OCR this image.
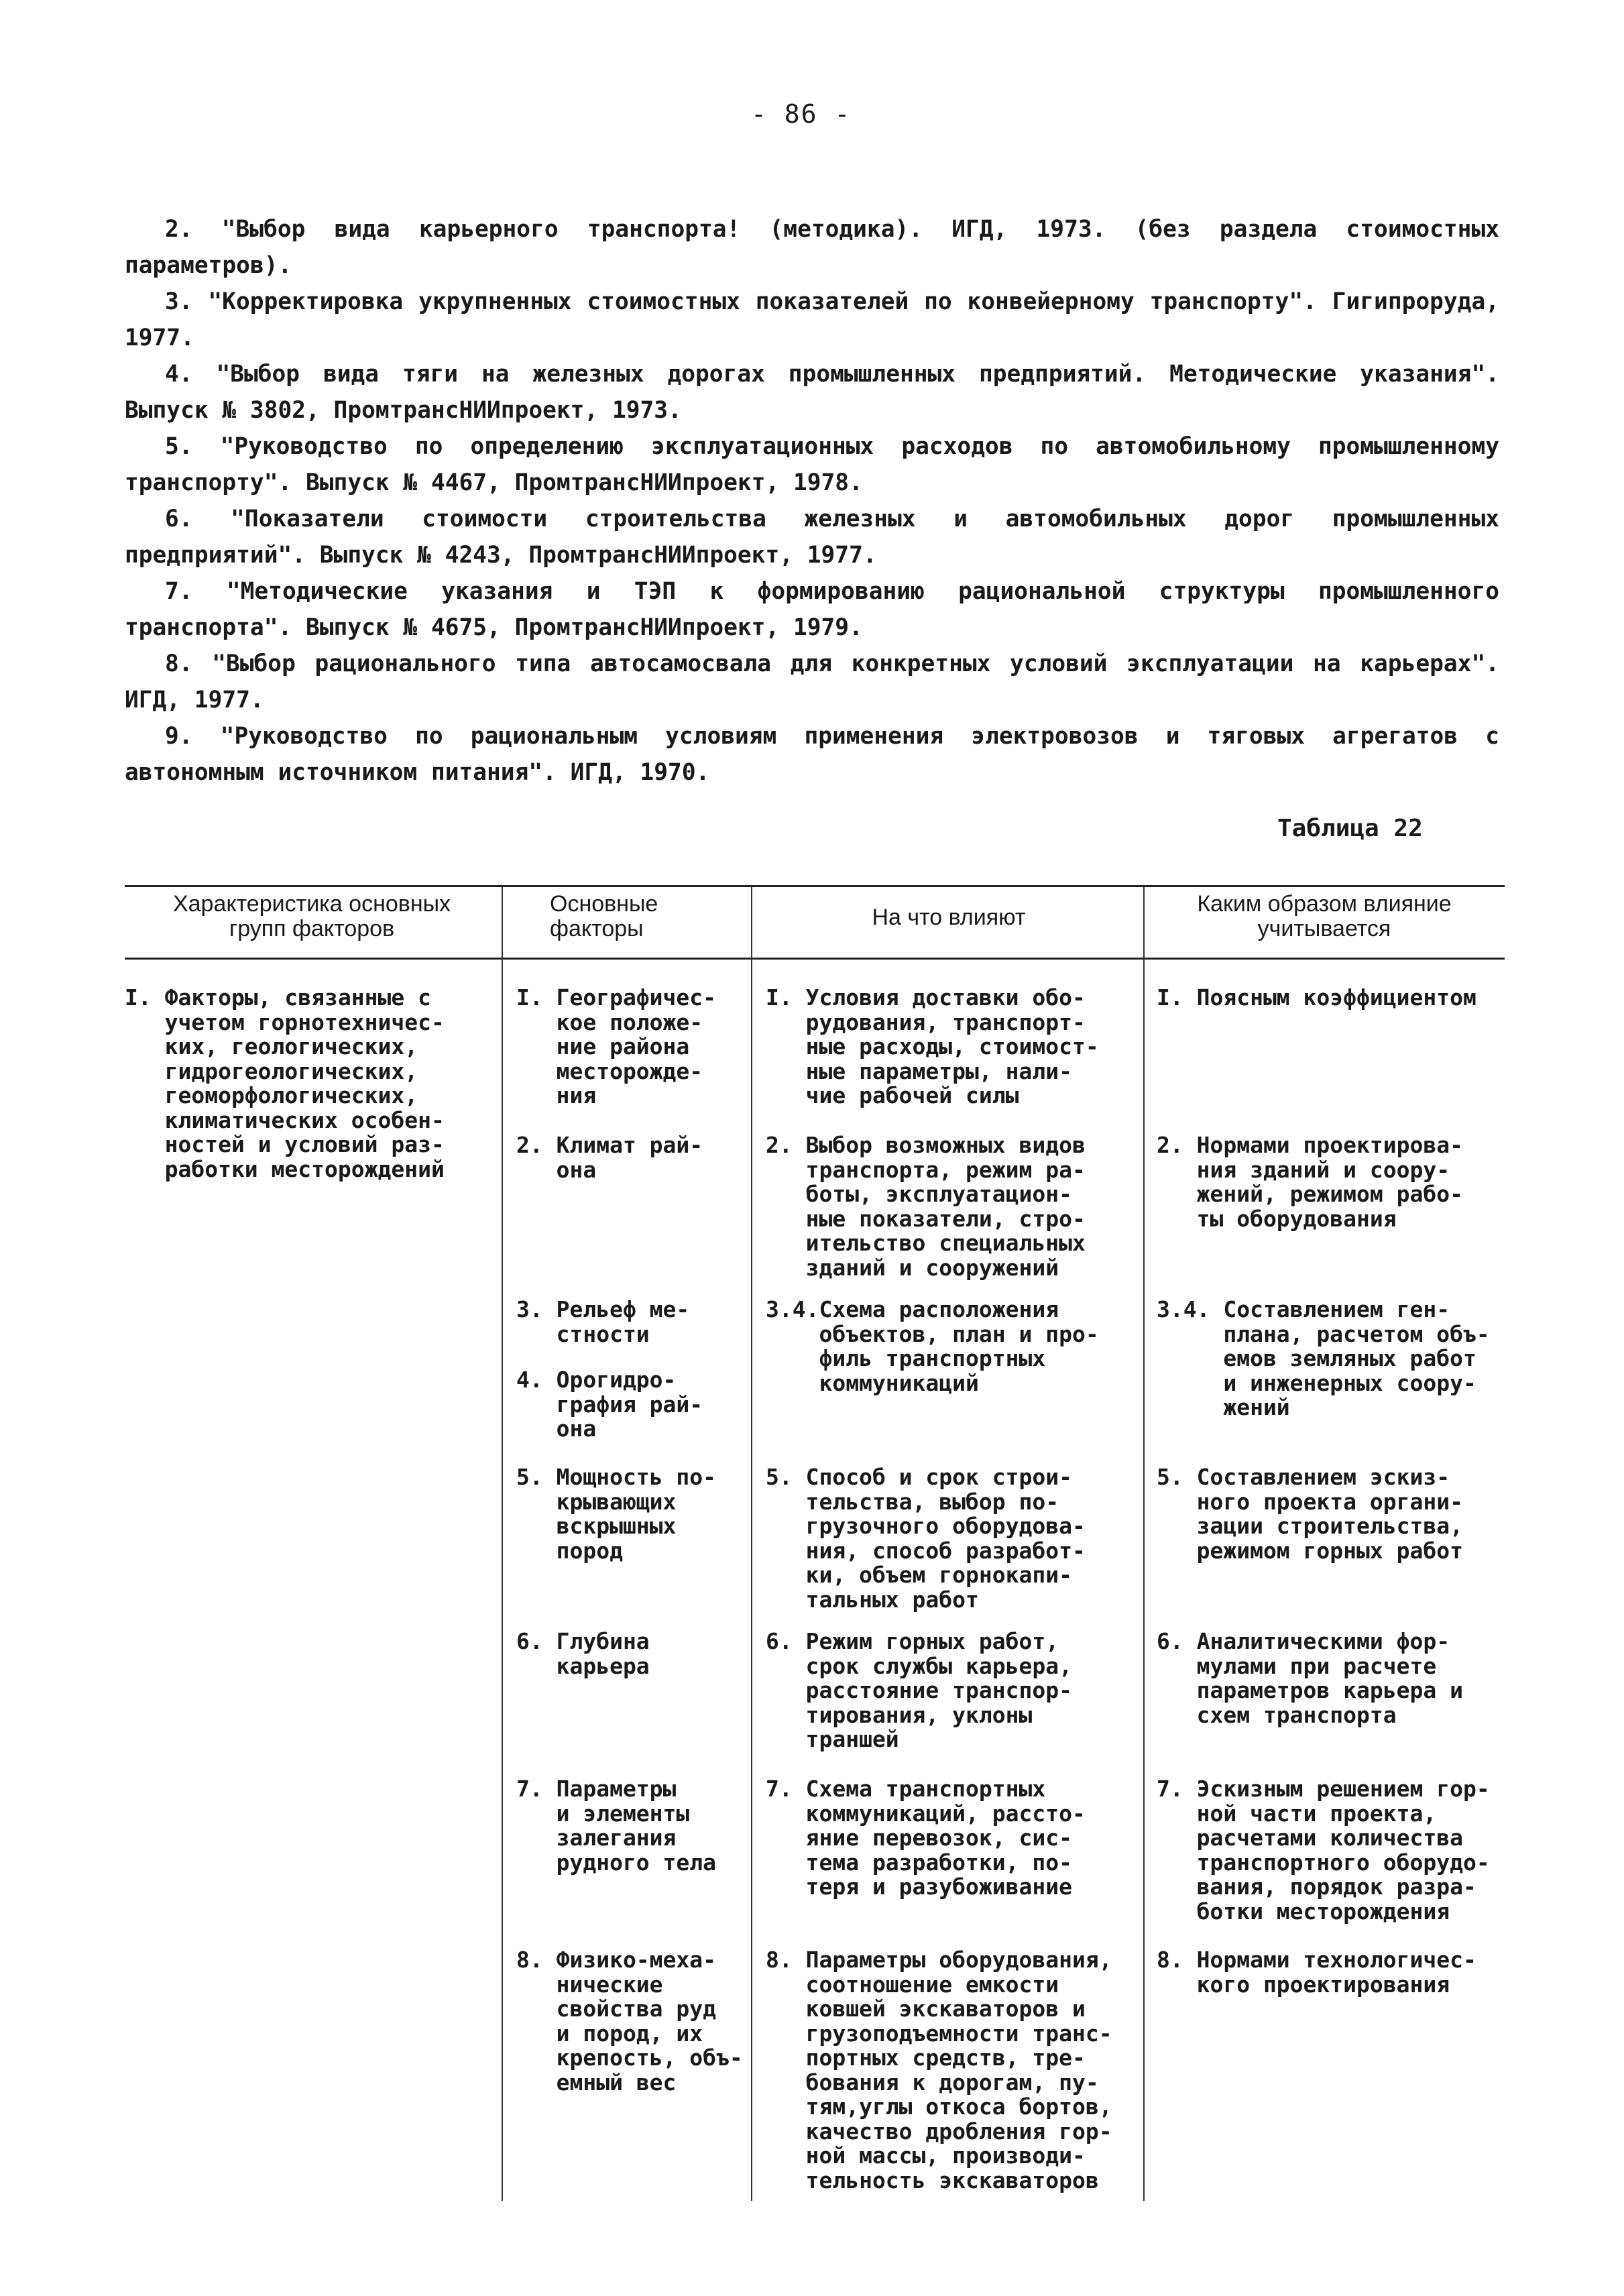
- 86 -

2. "Выбор вида карьерного транспорта! (методика). ИГД, 1973. (без раздела стоимостных параметров).

3. "Корректировка укрупненных стоимостных показателей по конвейерному транспорту". Гигипроруда, 1977.

4. "Выбор вида тяги на железных дорогах промышленных предприятий. Методические указания". Выпуск № 3802, ПромтрансНИИпроект, 1973.

5. "Руководство по определению эксплуатационных расходов по автомобильному промышленному транспорту". Выпуск № 4467, ПромтрансНИИпроект, 1978.

6. "Показатели стоимости строительства железных и автомобильных дорог промышленных предприятий". Выпуск № 4243, ПромтрансНИИпроект, 1977.

7. "Методические указания и ТЭП к формированию рациональной структуры промышленного транспорта". Выпуск № 4675, ПромтрансНИИпроект, 1979.

8. "Выбор рационального типа автосамосвала для конкретных условий эксплуатации на карьерах". ИГД, 1977.

9. "Руководство по рациональным условиям применения электровозов и тяговых агрегатов с автономным источником питания". ИГД, 1970.

Таблица 22
Характеристика основных
групп факторов
Основные
факторы	На что влияют
Каким образом влияние
учитывается
I. Факторы, связанные с
учетом горнотехничес-
ких, геологических,
гидрогеологических,
геоморфологических,
климатических особен-
ностей и условий раз-
работки месторождений
I. Географичес-
кое положе-
ние района
месторожде-
ния
I. Условия доставки обо-
рудования, транспорт-
ные расходы, стоимост-
ные параметры, нали-
чие рабочей силы
I. Поясным коэффициентом
2. Климат рай-
она
2. Выбор возможных видов
транспорта, режим ра-
боты, эксплуатацион-
ные показатели, стро-
ительство специальных
зданий и сооружений
2. Нормами проектирова-
ния зданий и соору-
жений, режимом рабо-
ты оборудования
3. Рельеф ме-
стности
4. Орогидро-
графия рай-
она
3.4.Схема расположения
объектов, план и про-
филь транспортных
коммуникаций
3.4. Составлением ген-
плана, расчетом объ-
емов земляных работ
и инженерных соору-
жений
5. Мощность по-
крывающих
вскрышных
пород
5. Способ и срок строи-
тельства, выбор по-
грузочного оборудова-
ния, способ разработ-
ки, объем горнокапи-
тальных работ
5. Составлением эскиз-
ного проекта органи-
зации строительства,
режимом горных работ
6. Глубина
карьера
6. Режим горных работ,
срок службы карьера,
расстояние транспор-
тирования, уклоны
траншей
6. Аналитическими фор-
мулами при расчете
параметров карьера и
схем транспорта
7. Параметры
и элементы
залегания
рудного тела
7. Схема транспортных
коммуникаций, рассто-
яние перевозок, сис-
тема разработки, по-
теря и разубоживание
7. Эскизным решением гор-
ной части проекта,
расчетами количества
транспортного оборудо-
вания, порядок разра-
ботки месторождения
8. Физико-меха-
нические
свойства руд
и пород, их
крепость, объ-
емный вес
8. Параметры оборудования,
соотношение емкости
ковшей экскаваторов и
грузоподъемности транс-
портных средств, тре-
бования к дорогам, пу-
тям,углы откоса бортов,
качество дробления гор-
ной массы, производи-
тельность экскаваторов
8. Нормами технологичес-
кого проектирования
